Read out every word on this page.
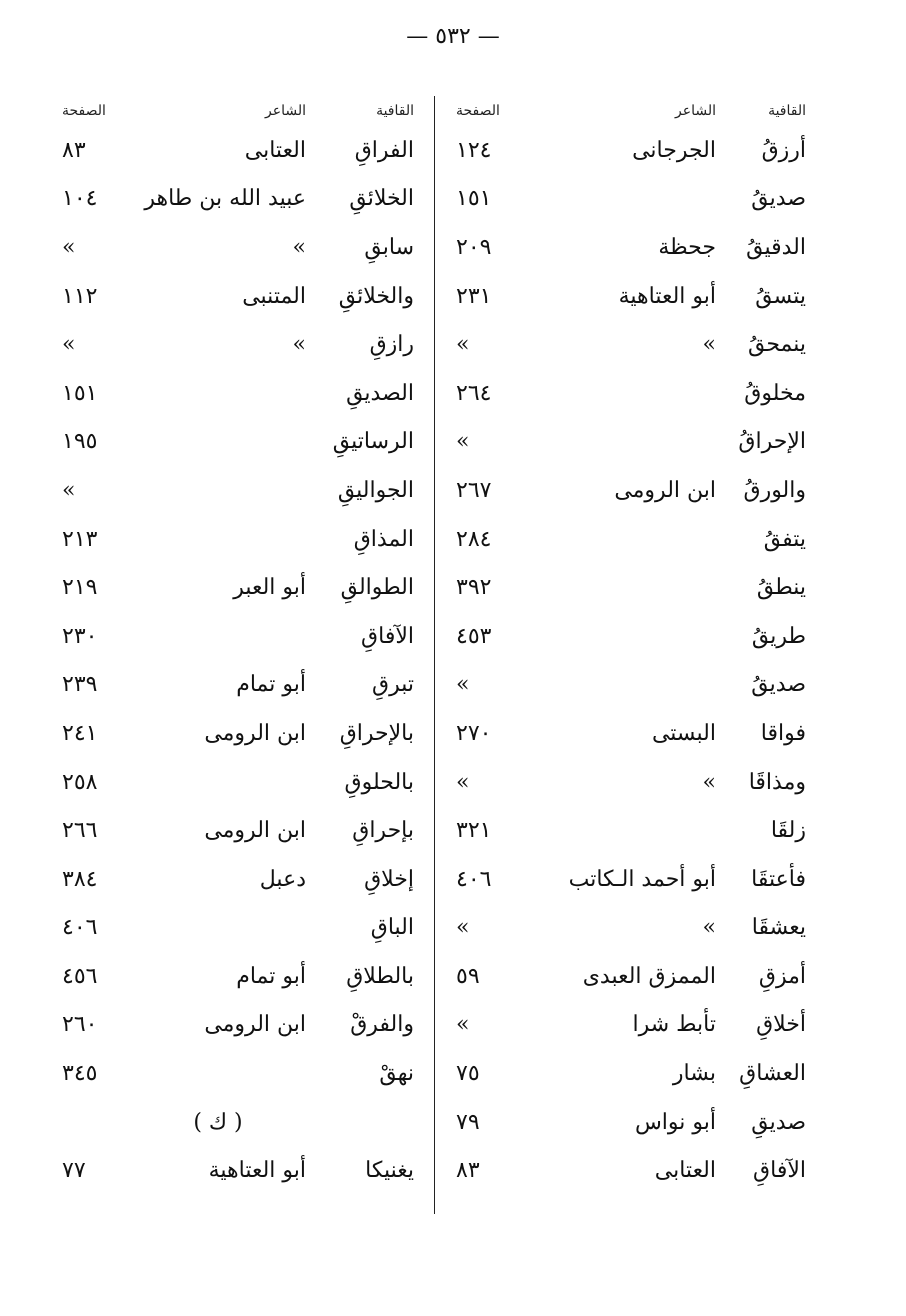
— ٥٣٢ —
القافية
الشاعر
الصفحة
أرزقُ
الجرجانى
١٢٤
صديقُ
١٥١
الدقيقُ
جحظة
٢٠٩
يتسقُ
أبو العتاهية
٢٣١
ينمحقُ
»
»
مخلوقُ
٢٦٤
الإحراقُ
»
والورقُ
ابن الرومى
٢٦٧
يتفقُ
٢٨٤
ينطقُ
٣٩٢
طريقُ
٤٥٣
صديقُ
»
فواقا
البستى
٢٧٠
ومذاقَا
»
»
زلقَا
٣٢١
فأعتقَا
أبو أحمد الـكاتب
٤٠٦
يعشقَا
»
»
أمزقِ
الممزق العبدى
٥٩
أخلاقِ
تأبط شرا
»
العشاقِ
بشار
٧٥
صديقِ
أبو نواس
٧٩
الآفاقِ
العتابى
٨٣
القافية
الشاعر
الصفحة
الفراقِ
العتابى
٨٣
الخلائقِ
عبيد الله بن طاهر
١٠٤
سابقِ
»
»
والخلائقِ
المتنبى
١١٢
رازقِ
»
»
الصديقِ
١٥١
الرساتيقِ
١٩٥
الجواليقِ
»
المذاقِ
٢١٣
الطوالقِ
أبو العبر
٢١٩
الآفاقِ
٢٣٠
تبرقِ
أبو تمام
٢٣٩
بالإحراقِ
ابن الرومى
٢٤١
بالحلوقِ
٢٥٨
بإحراقِ
ابن الرومى
٢٦٦
إخلاقِ
دعبل
٣٨٤
الباقِ
٤٠٦
بالطلاقِ
أبو تمام
٤٥٦
والفرقْ
ابن الرومى
٢٦٠
نهقْ
٣٤٥
( ك )
يغنيكا
أبو العتاهية
٧٧
